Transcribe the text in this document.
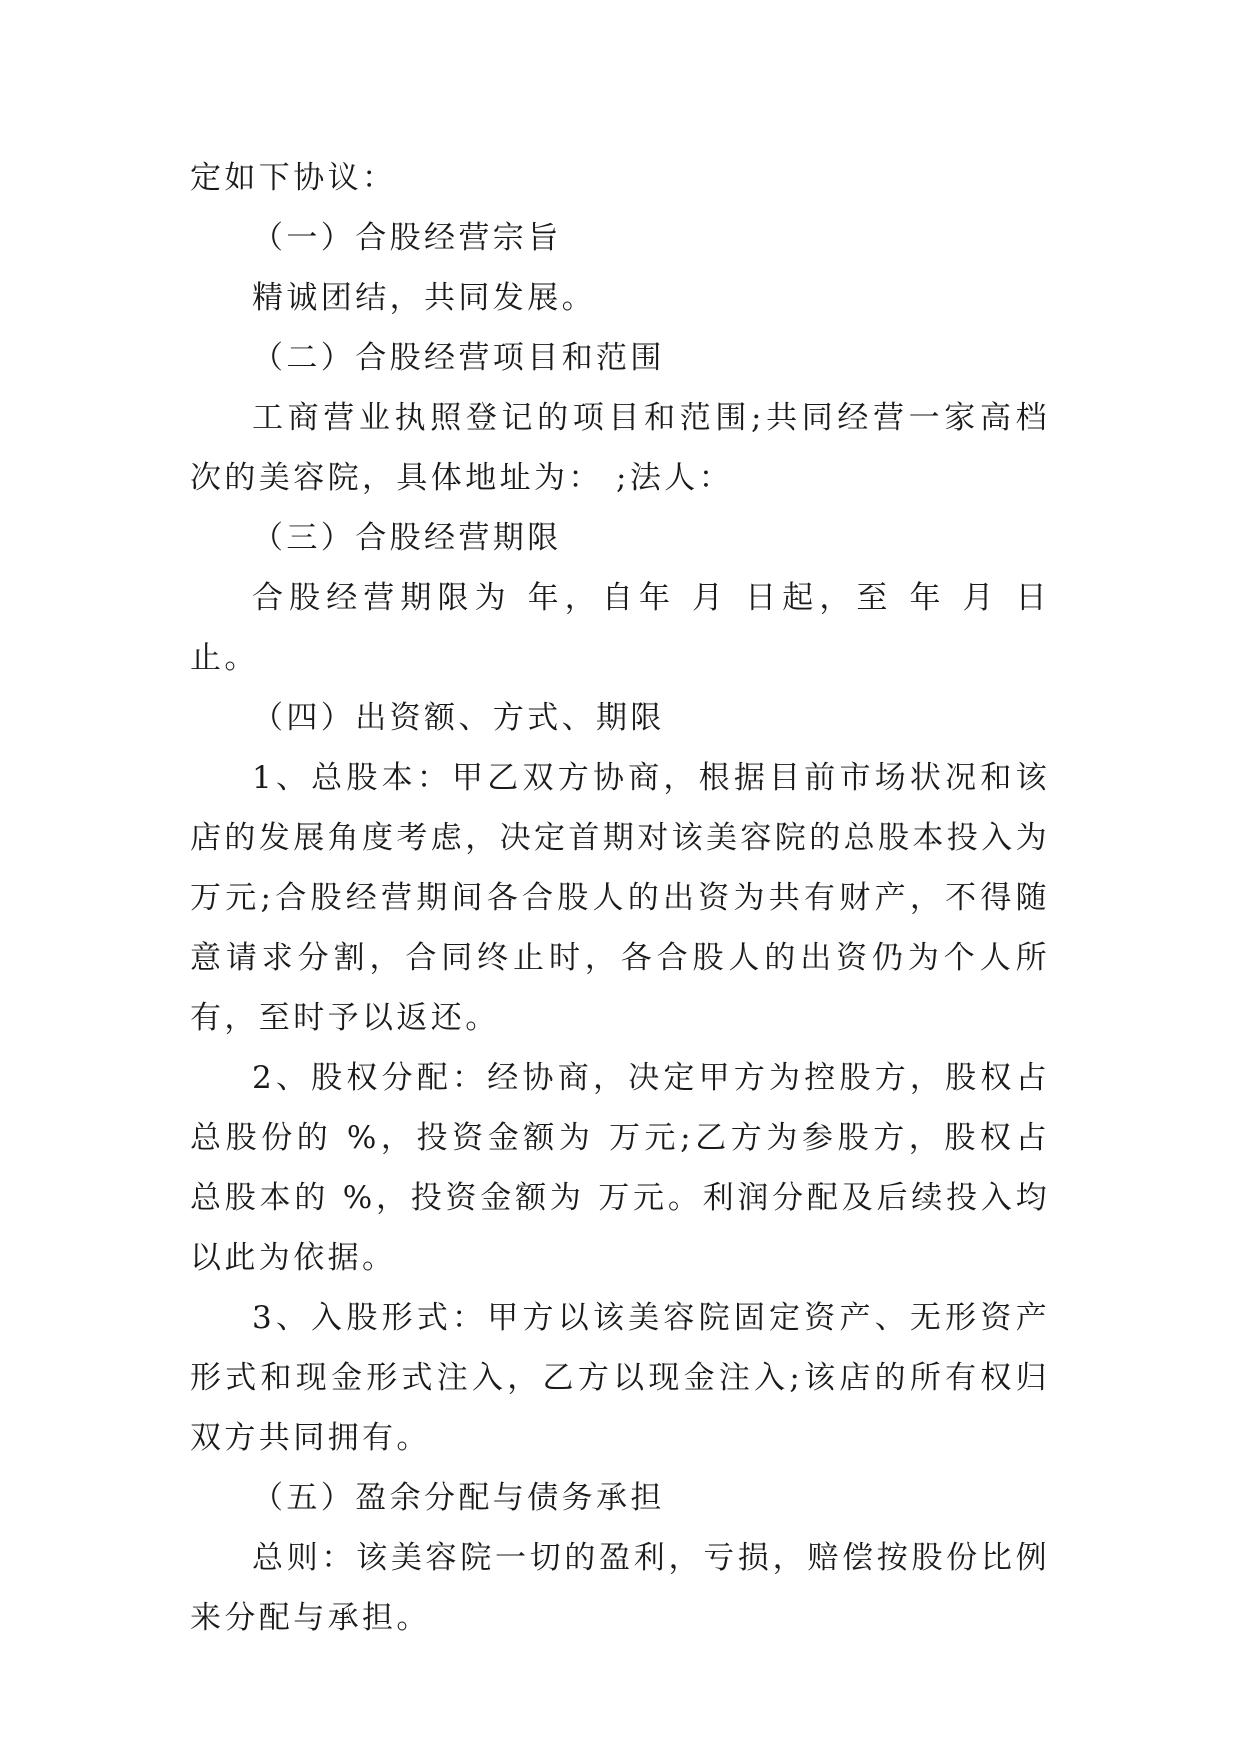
定如下协议：

（一）合股经营宗旨

精诚团结，共同发展。

（二）合股经营项目和范围

工商营业执照登记的项目和范围;共同经营一家高档次的美容院，具体地址为： ;法人：

（三）合股经营期限

合股经营期限为 年，自年 月 日起，至 年 月 日止。

（四）出资额、方式、期限

1、总股本：甲乙双方协商，根据目前市场状况和该店的发展角度考虑，决定首期对该美容院的总股本投入为 万元;合股经营期间各合股人的出资为共有财产，不得随意请求分割，合同终止时，各合股人的出资仍为个人所有，至时予以返还。

2、股权分配：经协商，决定甲方为控股方，股权占总股份的 %，投资金额为 万元;乙方为参股方，股权占总股本的 %，投资金额为 万元。利润分配及后续投入均以此为依据。

3、入股形式：甲方以该美容院固定资产、无形资产形式和现金形式注入，乙方以现金注入;该店的所有权归双方共同拥有。

（五）盈余分配与债务承担

总则：该美容院一切的盈利，亏损，赔偿按股份比例来分配与承担。
